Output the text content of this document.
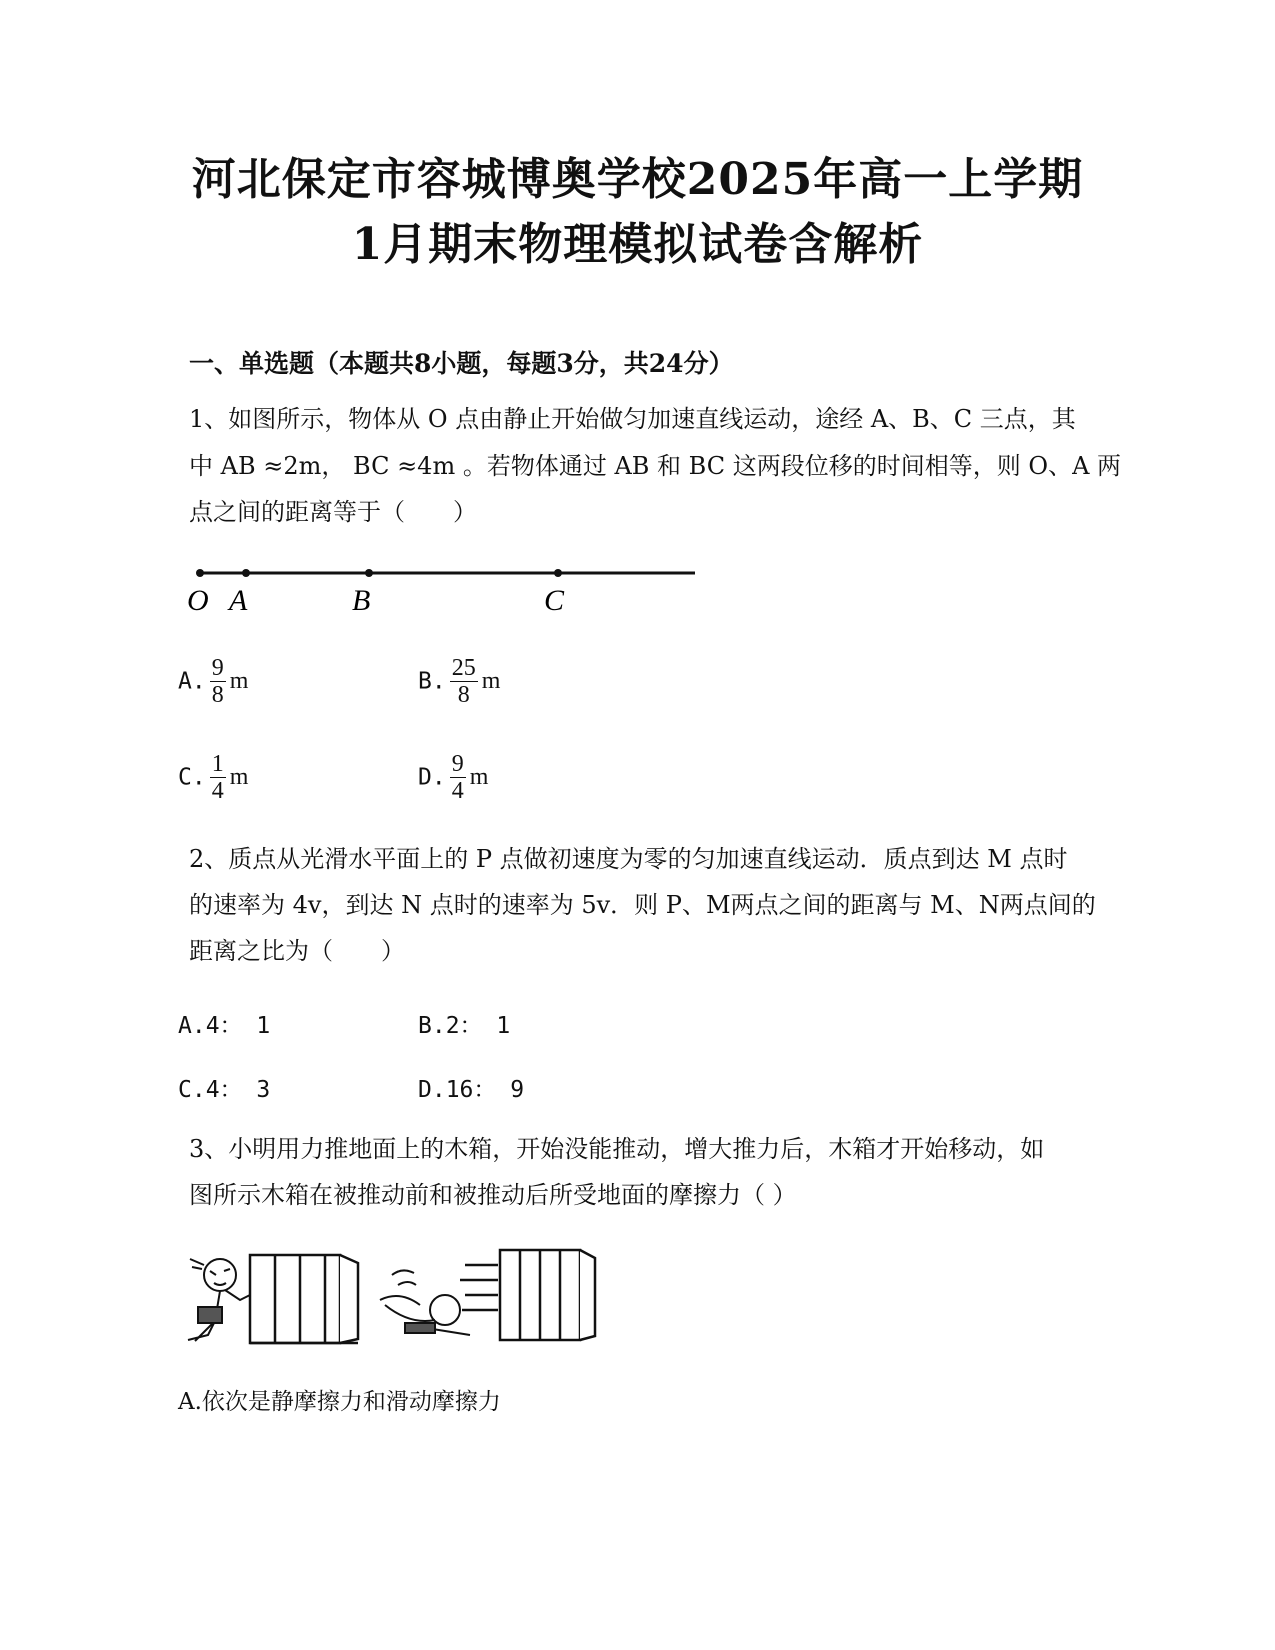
河北保定市容城博奥学校2025年高一上学期
1月期末物理模拟试卷含解析
一、单选题（本题共8小题，每题3分，共24分）
1、如图所示，物体从 O 点由静止开始做匀加速直线运动，途经 A、B、C 三点，其
中 AB ≈2m， BC ≈4m 。若物体通过 AB 和 BC 这两段位移的时间相等，则 O、A 两
点之间的距离等于（　　）
O A	B	C
A. $\frac{9}{8}$ m	B. $\frac{25}{8}$ m
C. $\frac{1}{4}$ m	D. $\frac{9}{4}$ m
2、质点从光滑水平面上的 P 点做初速度为零的匀加速直线运动．质点到达 M 点时
的速率为 4v，到达 N 点时的速率为 5v．则 P、M两点之间的距离与 M、N两点间的
距离之比为（　　）
A.4： 1	B.2： 1
C.4： 3	D.16： 9
3、小明用力推地面上的木箱，开始没能推动，增大推力后，木箱才开始移动，如
图所示木箱在被推动前和被推动后所受地面的摩擦力（ ）
A.依次是静摩擦力和滑动摩擦力
